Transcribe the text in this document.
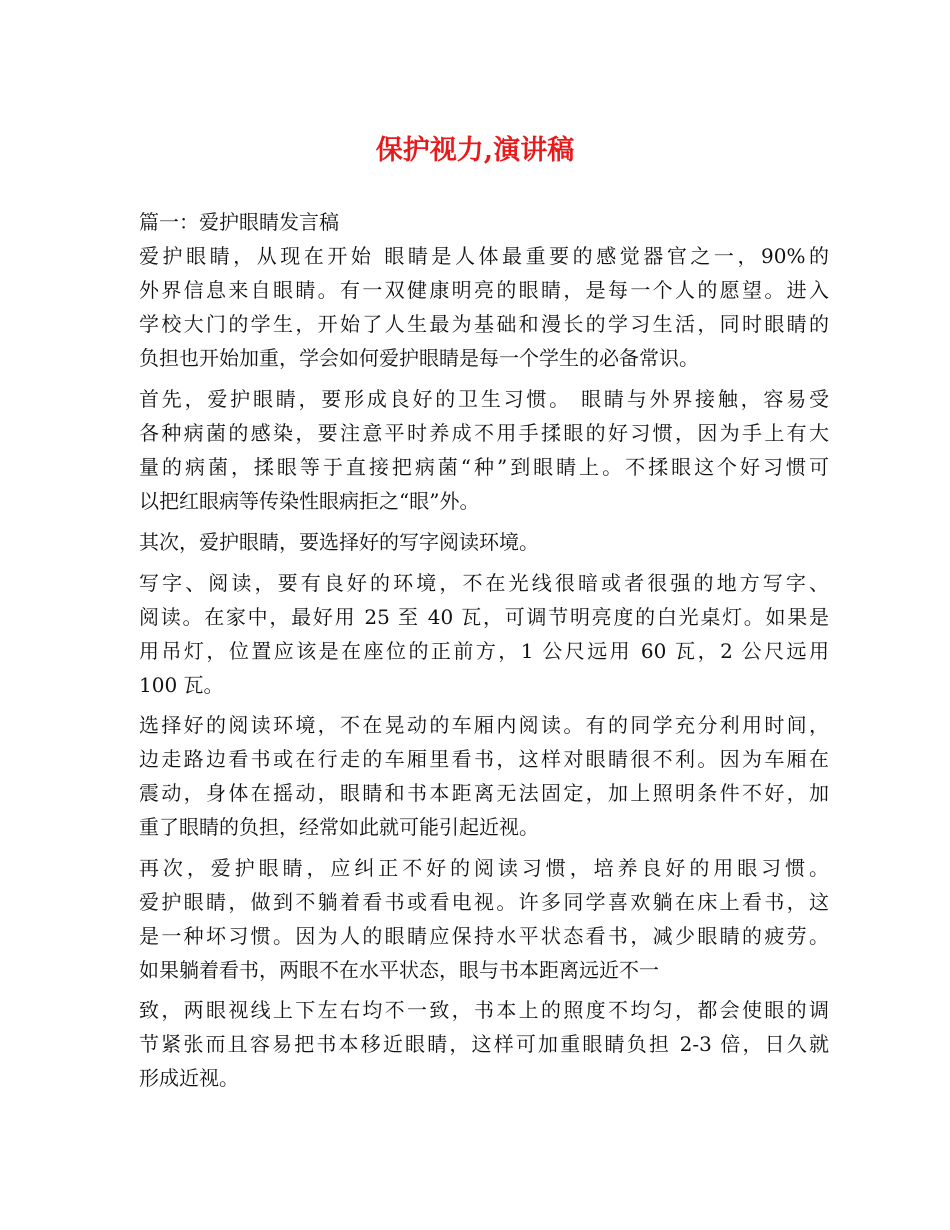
保护视力,演讲稿
篇一：爱护眼睛发言稿
爱护眼睛，从现在开始 眼睛是人体最重要的感觉器官之一，90%的
外界信息来自眼睛。有一双健康明亮的眼睛，是每一个人的愿望。进入
学校大门的学生，开始了人生最为基础和漫长的学习生活，同时眼睛的
负担也开始加重，学会如何爱护眼睛是每一个学生的必备常识。
首先，爱护眼睛，要形成良好的卫生习惯。 眼睛与外界接触，容易受
各种病菌的感染，要注意平时养成不用手揉眼的好习惯，因为手上有大
量的病菌，揉眼等于直接把病菌“种”到眼睛上。不揉眼这个好习惯可
以把红眼病等传染性眼病拒之“眼”外。
其次，爱护眼睛，要选择好的写字阅读环境。
写字、阅读，要有良好的环境，不在光线很暗或者很强的地方写字、
阅读。在家中，最好用 25 至 40 瓦，可调节明亮度的白光桌灯。如果是
用吊灯，位置应该是在座位的正前方，1 公尺远用 60 瓦，2 公尺远用
100 瓦。
选择好的阅读环境，不在晃动的车厢内阅读。有的同学充分利用时间，
边走路边看书或在行走的车厢里看书，这样对眼睛很不利。因为车厢在
震动，身体在摇动，眼睛和书本距离无法固定，加上照明条件不好，加
重了眼睛的负担，经常如此就可能引起近视。
再次，爱护眼睛，应纠正不好的阅读习惯，培养良好的用眼习惯。
爱护眼睛，做到不躺着看书或看电视。许多同学喜欢躺在床上看书，这
是一种坏习惯。因为人的眼睛应保持水平状态看书，减少眼睛的疲劳。
如果躺着看书，两眼不在水平状态，眼与书本距离远近不一
致，两眼视线上下左右均不一致，书本上的照度不均匀，都会使眼的调
节紧张而且容易把书本移近眼睛，这样可加重眼睛负担 2-3 倍，日久就
形成近视。
